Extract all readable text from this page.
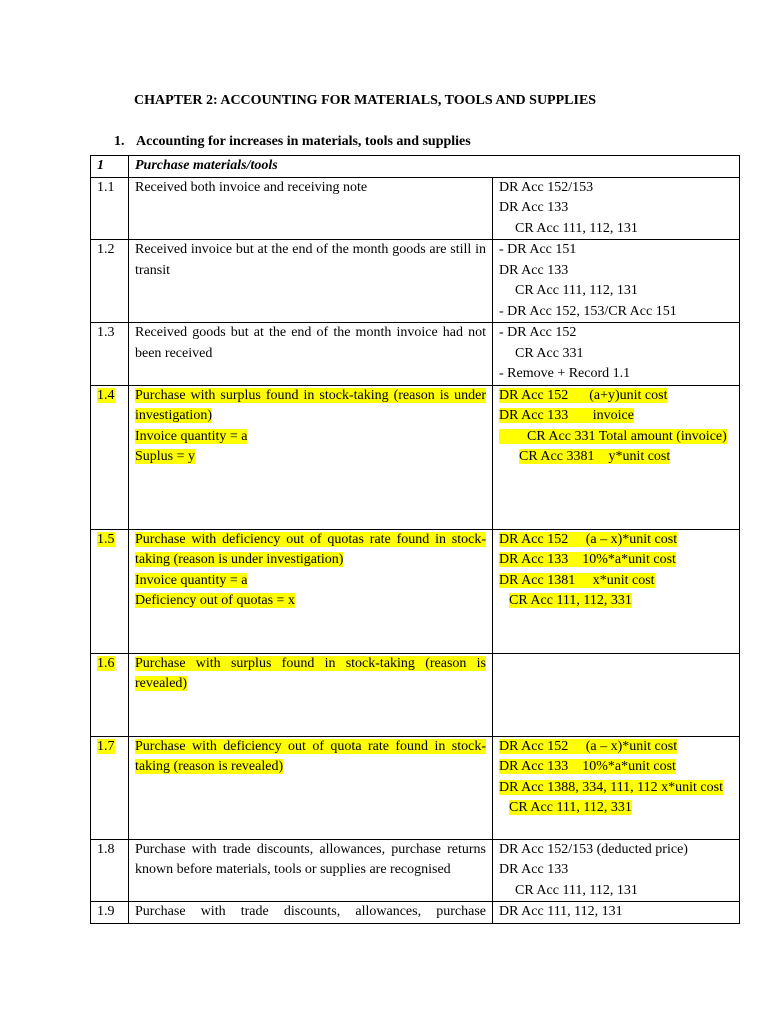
CHAPTER 2: ACCOUNTING FOR MATERIALS, TOOLS AND SUPPLIES
1. Accounting for increases in materials, tools and supplies
1	Purchase materials/tools	
1.1	Received both invoice and receiving note	DR Acc 152/153
DR Acc 133
CR Acc 111, 112, 131

1.2	Received invoice but at the end of the month goods are still in transit	- DR Acc 151
DR Acc 133
CR Acc 111, 112, 131
- DR Acc 152, 153/CR Acc 151

1.3	Received goods but at the end of the month invoice had not been received	- DR Acc 152
CR Acc 331
- Remove + Record 1.1

1.4	Purchase with surplus found in stock-taking (reason is under investigation)
Invoice quantity = a
Suplus = y	DR Acc 152      (a+y)unit cost
DR Acc 133       invoice
CR Acc 331 Total amount (invoice)
CR Acc 3381    y*unit cost

1.5	Purchase with deficiency out of quotas rate found in stock-taking (reason is under investigation)
Invoice quantity = a
Deficiency out of quotas = x	DR Acc 152     (a – x)*unit cost
DR Acc 133    10%*a*unit cost
DR Acc 1381     x*unit cost
CR Acc 111, 112, 331

1.6	Purchase with surplus found in stock-taking (reason is revealed)	
1.7	Purchase with deficiency out of quota rate found in stock-taking (reason is revealed)	DR Acc 152     (a – x)*unit cost
DR Acc 133    10%*a*unit cost
DR Acc 1388, 334, 111, 112 x*unit cost
CR Acc 111, 112, 331

1.8	Purchase with trade discounts, allowances, purchase returns known before materials, tools or supplies are recognised	DR Acc 152/153 (deducted price)
DR Acc 133
CR Acc 111, 112, 131

1.9	Purchase with trade discounts, allowances, purchase	DR Acc 111, 112, 131
